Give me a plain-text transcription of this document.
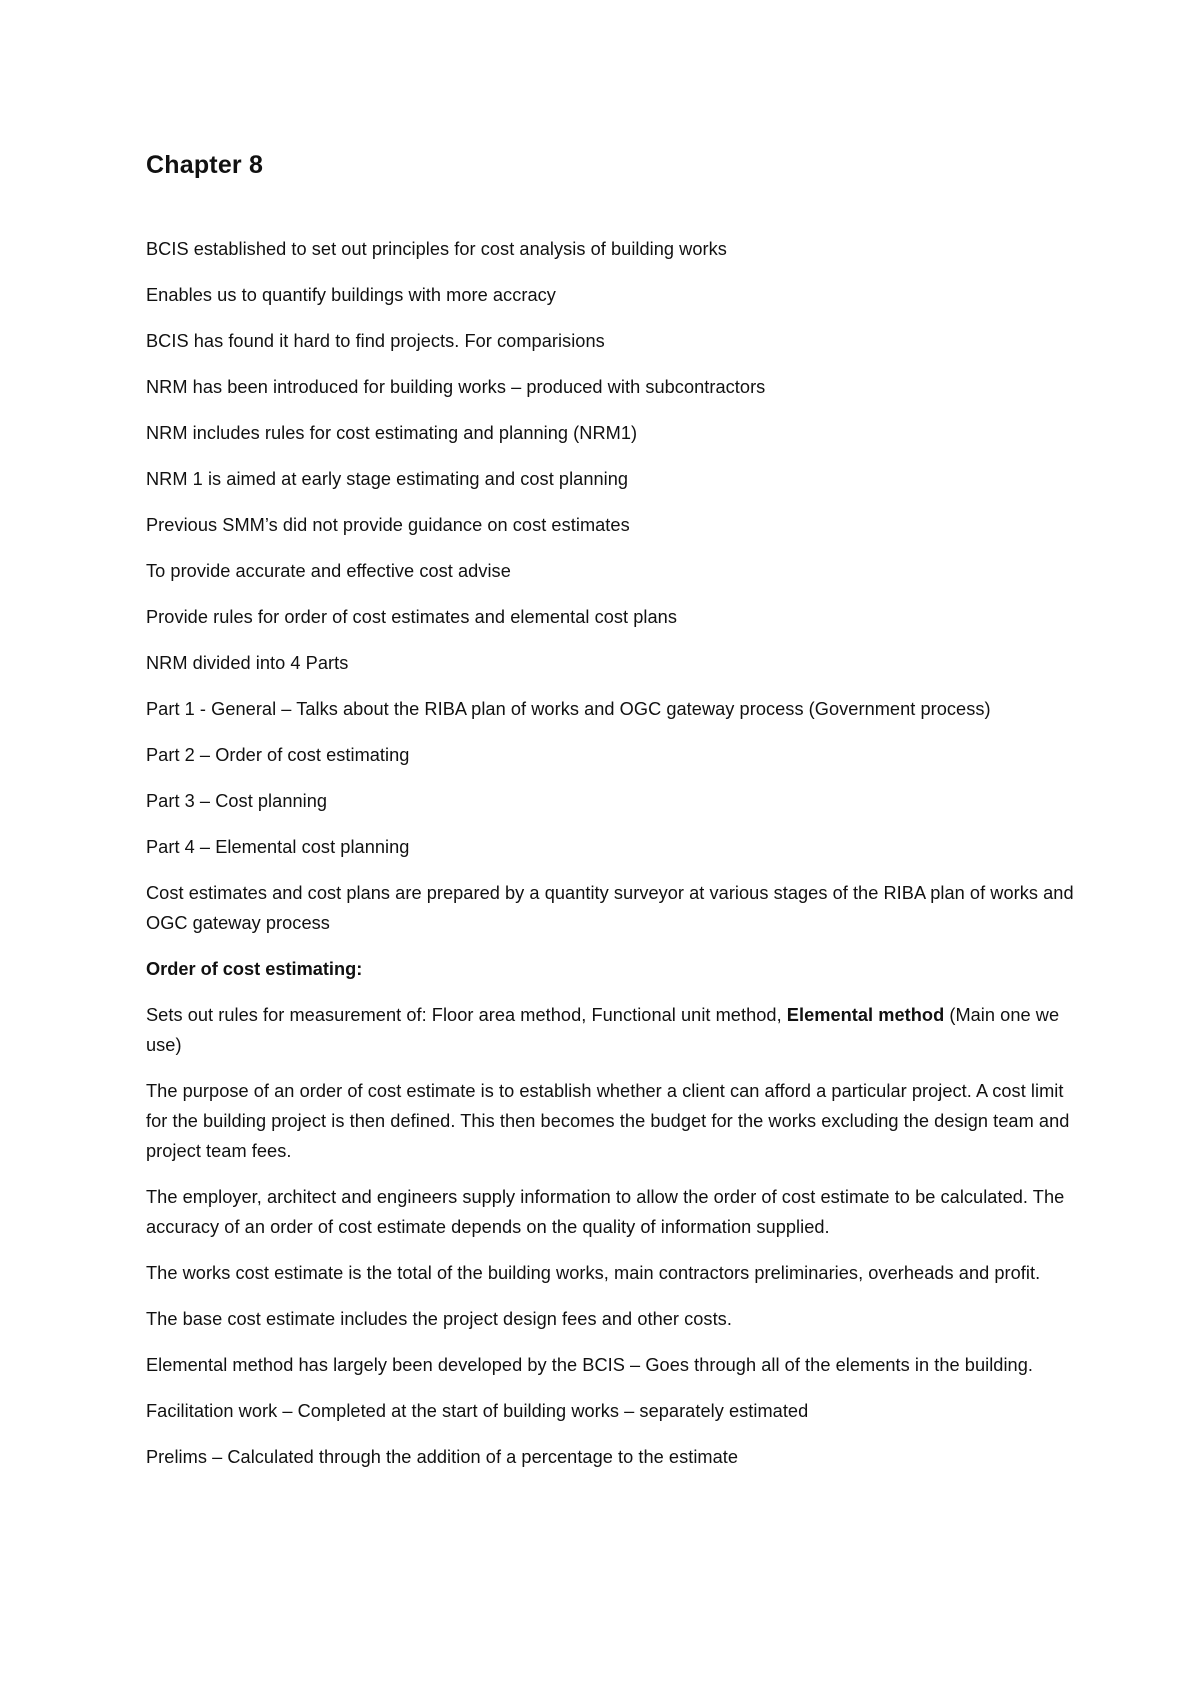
Chapter 8

BCIS established to set out principles for cost analysis of building works

Enables us to quantify buildings with more accracy

BCIS has found it hard to find projects. For comparisions

NRM has been introduced for building works – produced with subcontractors

NRM includes rules for cost estimating and planning (NRM1)

NRM 1 is aimed at early stage estimating and cost planning

Previous SMM’s did not provide guidance on cost estimates

To provide accurate and effective cost advise

Provide rules for order of cost estimates and elemental cost plans

NRM divided into 4 Parts

Part 1 - General – Talks about the RIBA plan of works and OGC gateway process (Government process)

Part 2 – Order of cost estimating

Part 3 – Cost planning

Part 4 – Elemental cost planning

Cost estimates and cost plans are prepared by a quantity surveyor at various stages of the RIBA plan of works and OGC gateway process

Order of cost estimating:

Sets out rules for measurement of: Floor area method, Functional unit method, Elemental method (Main one we use)

The purpose of an order of cost estimate is to establish whether a client can afford a particular project. A cost limit for the building project is then defined. This then becomes the budget for the works excluding the design team and project team fees.

The employer, architect and engineers supply information to allow the order of cost estimate to be calculated. The accuracy of an order of cost estimate depends on the quality of information supplied.

The works cost estimate is the total of the building works, main contractors preliminaries, overheads and profit.

The base cost estimate includes the project design fees and other costs.

Elemental method has largely been developed by the BCIS – Goes through all of the elements in the building.

Facilitation work – Completed at the start of building works – separately estimated

Prelims – Calculated through the addition of a percentage to the estimate
